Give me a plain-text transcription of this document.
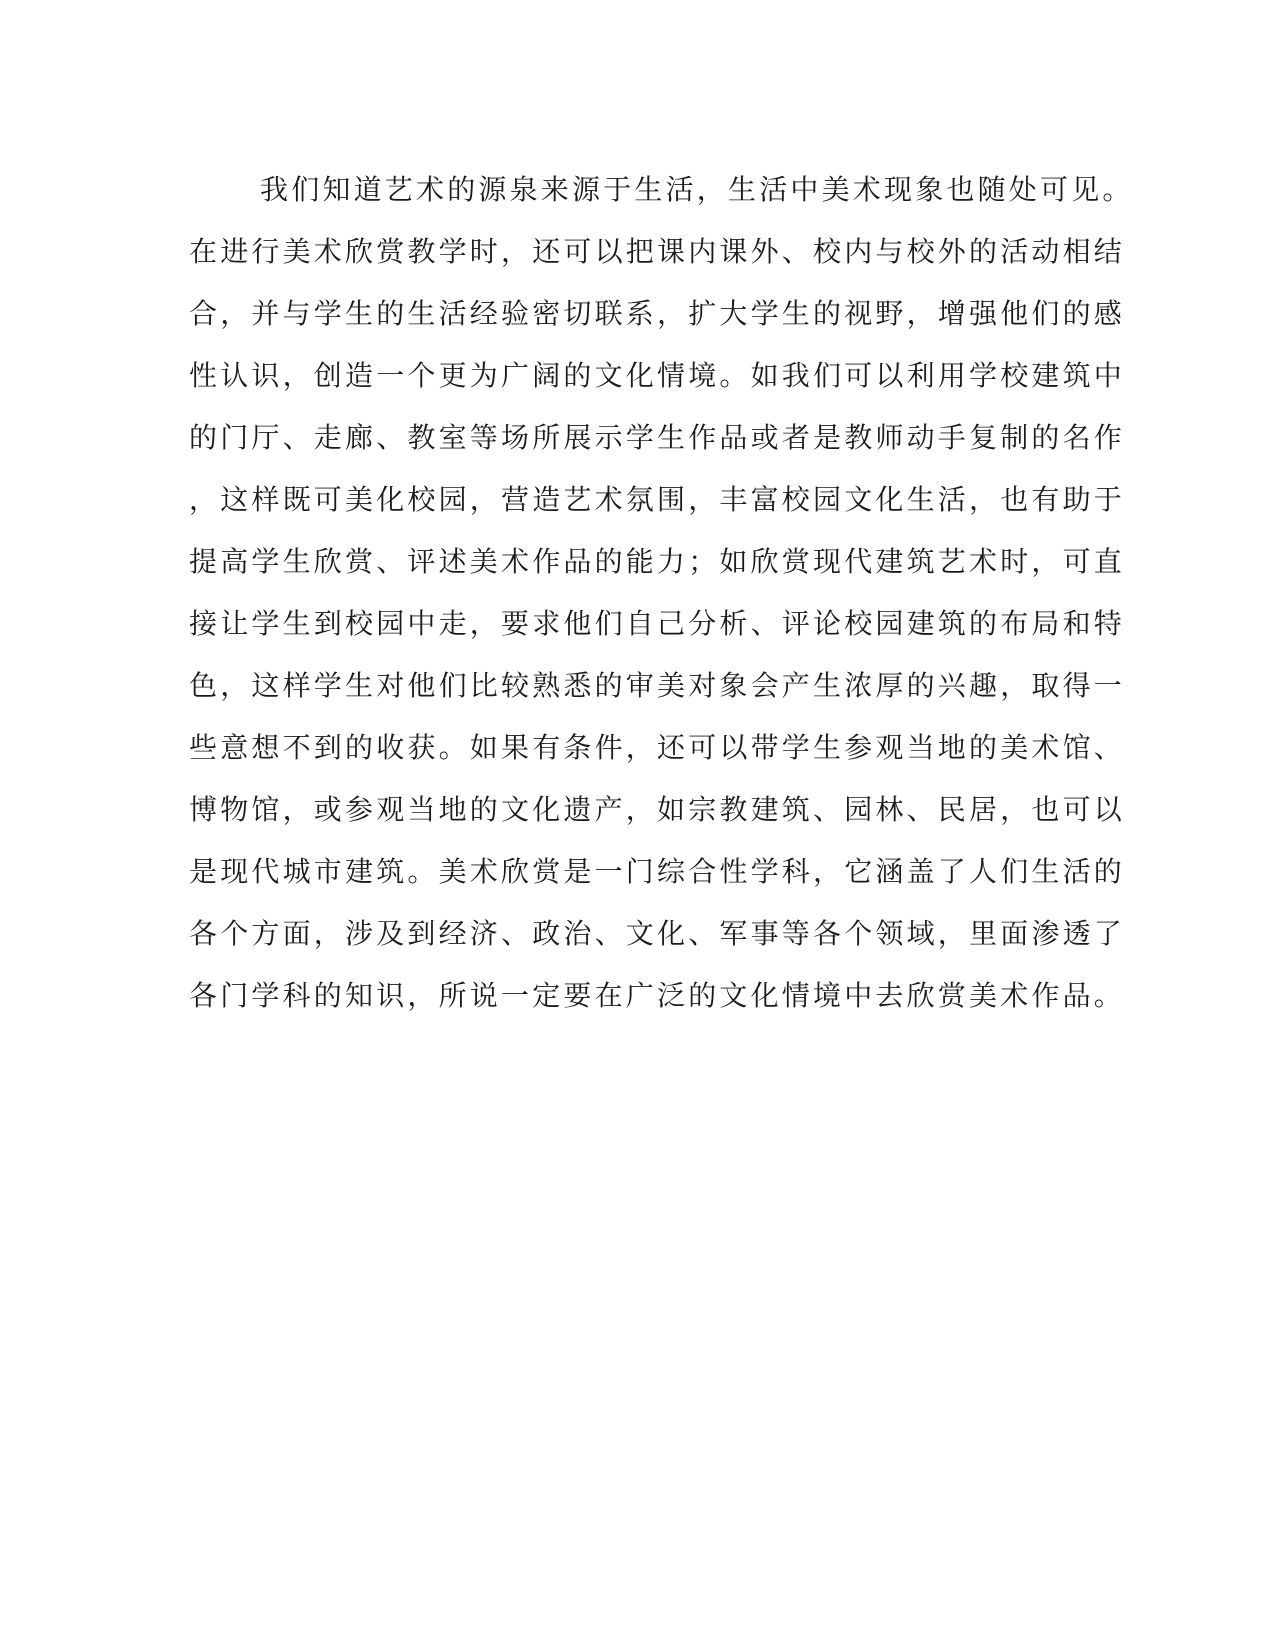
我们知道艺术的源泉来源于生活，生活中美术现象也随处可见。
在进行美术欣赏教学时，还可以把课内课外、校内与校外的活动相结
合，并与学生的生活经验密切联系，扩大学生的视野，增强他们的感
性认识，创造一个更为广阔的文化情境。如我们可以利用学校建筑中
的门厅、走廊、教室等场所展示学生作品或者是教师动手复制的名作
，这样既可美化校园，营造艺术氛围，丰富校园文化生活，也有助于
提高学生欣赏、评述美术作品的能力；如欣赏现代建筑艺术时，可直
接让学生到校园中走，要求他们自己分析、评论校园建筑的布局和特
色，这样学生对他们比较熟悉的审美对象会产生浓厚的兴趣，取得一
些意想不到的收获。如果有条件，还可以带学生参观当地的美术馆、
博物馆，或参观当地的文化遗产，如宗教建筑、园林、民居，也可以
是现代城市建筑。美术欣赏是一门综合性学科，它涵盖了人们生活的
各个方面，涉及到经济、政治、文化、军事等各个领域，里面渗透了
各门学科的知识，所说一定要在广泛的文化情境中去欣赏美术作品。
